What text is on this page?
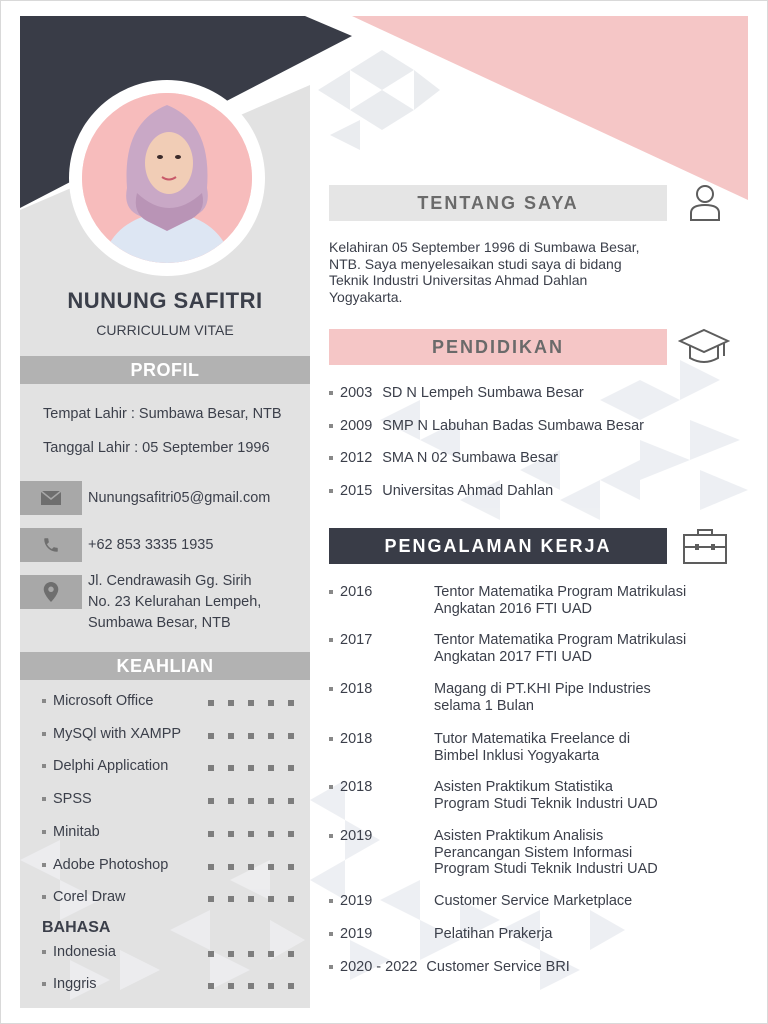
NUNUNG SAFITRI
CURRICULUM VITAE
PROFIL
Tempat Lahir : Sumbawa Besar, NTB
Tanggal Lahir : 05 September 1996
Nunungsafitri05@gmail.com
+62 853 3335 1935
Jl. Cendrawasih Gg. Sirih
No. 23 Kelurahan Lempeh,
Sumbawa Besar, NTB
KEAHLIAN
Microsoft Office
MySQl with XAMPP
Delphi Application
SPSS
Minitab
Adobe Photoshop
Corel Draw
BAHASA
Indonesia
Inggris
TENTANG SAYA
Kelahiran 05 September 1996 di Sumbawa Besar, NTB. Saya menyelesaikan studi saya di bidang Teknik Industri Universitas Ahmad Dahlan Yogyakarta.
PENDIDIKAN
2003 SD N Lempeh Sumbawa Besar
2009 SMP N Labuhan Badas Sumbawa Besar
2012 SMA N 02 Sumbawa Besar
2015 Universitas Ahmad Dahlan
PENGALAMAN KERJA
2016	Tentor Matematika Program Matrikulasi
Angkatan 2016 FTI UAD
2017	Tentor Matematika Program Matrikulasi
Angkatan 2017 FTI UAD
2018	Magang di PT.KHI Pipe Industries
selama 1 Bulan
2018	Tutor Matematika Freelance di
Bimbel Inklusi Yogyakarta
2018	Asisten Praktikum Statistika
Program Studi Teknik Industri UAD
2019	Asisten Praktikum Analisis
Perancangan Sistem Informasi
Program Studi Teknik Industri UAD
2019	Customer Service Marketplace
2019	Pelatihan Prakerja
2020 - 2022 Customer Service BRI
